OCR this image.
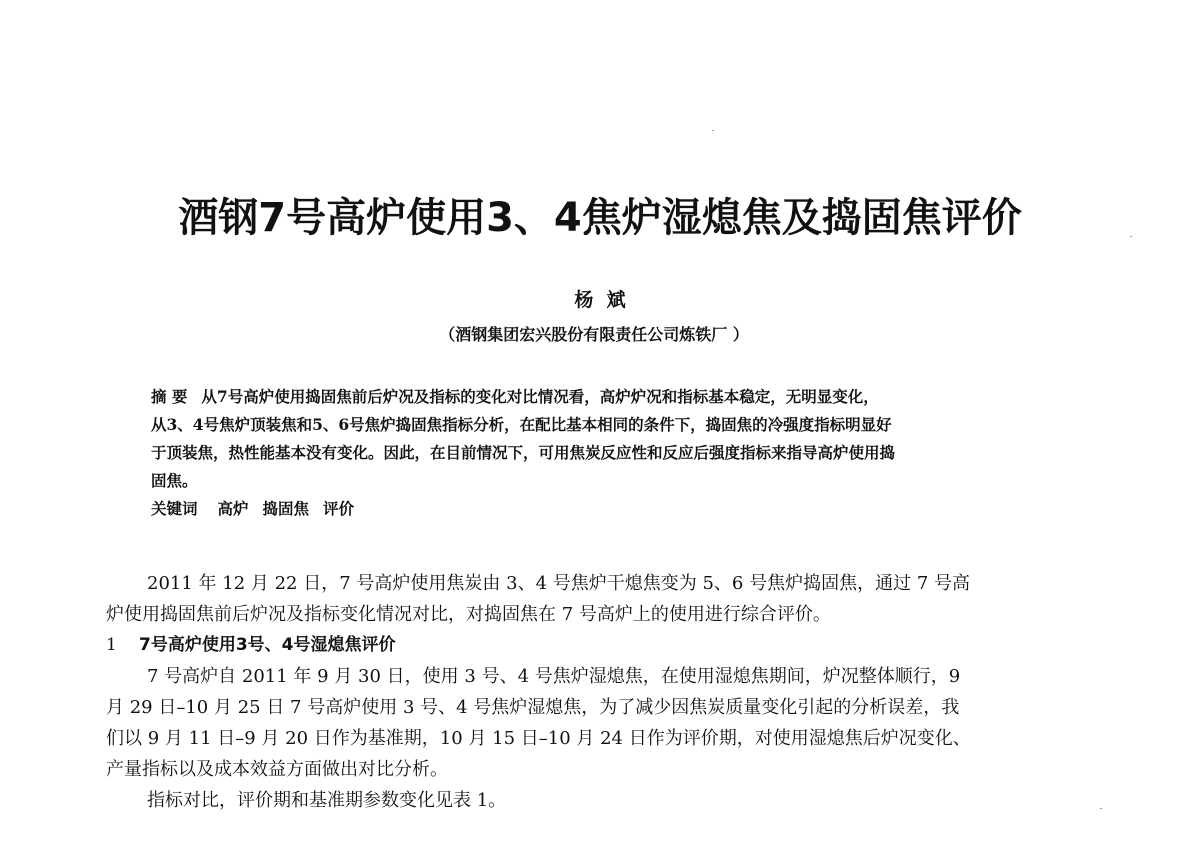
酒钢7号高炉使用3、4焦炉湿熄焦及捣固焦评价
杨  斌
（酒钢集团宏兴股份有限责任公司炼铁厂 ）
摘 要 从7号高炉使用捣固焦前后炉况及指标的变化对比情况看，高炉炉况和指标基本稳定，无明显变化，
从3、4号焦炉顶装焦和5、6号焦炉捣固焦指标分析，在配比基本相同的条件下，捣固焦的冷强度指标明显好
于顶装焦，热性能基本没有变化。因此，在目前情况下，可用焦炭反应性和反应后强度指标来指导高炉使用捣
固焦。
关键词 高炉 捣固焦 评价
2011 年 12 月 22 日，7 号高炉使用焦炭由 3、4 号焦炉干熄焦变为 5、6 号焦炉捣固焦，通过 7 号高
炉使用捣固焦前后炉况及指标变化情况对比，对捣固焦在 7 号高炉上的使用进行综合评价。
1 7号高炉使用3号、4号湿熄焦评价
7 号高炉自 2011 年 9 月 30 日，使用 3 号、4 号焦炉湿熄焦，在使用湿熄焦期间，炉况整体顺行，9
月 29 日–10 月 25 日 7 号高炉使用 3 号、4 号焦炉湿熄焦，为了减少因焦炭质量变化引起的分析误差，我
们以 9 月 11 日–9 月 20 日作为基准期，10 月 15 日–10 月 24 日作为评价期，对使用湿熄焦后炉况变化、
产量指标以及成本效益方面做出对比分析。
指标对比，评价期和基准期参数变化见表 1。
